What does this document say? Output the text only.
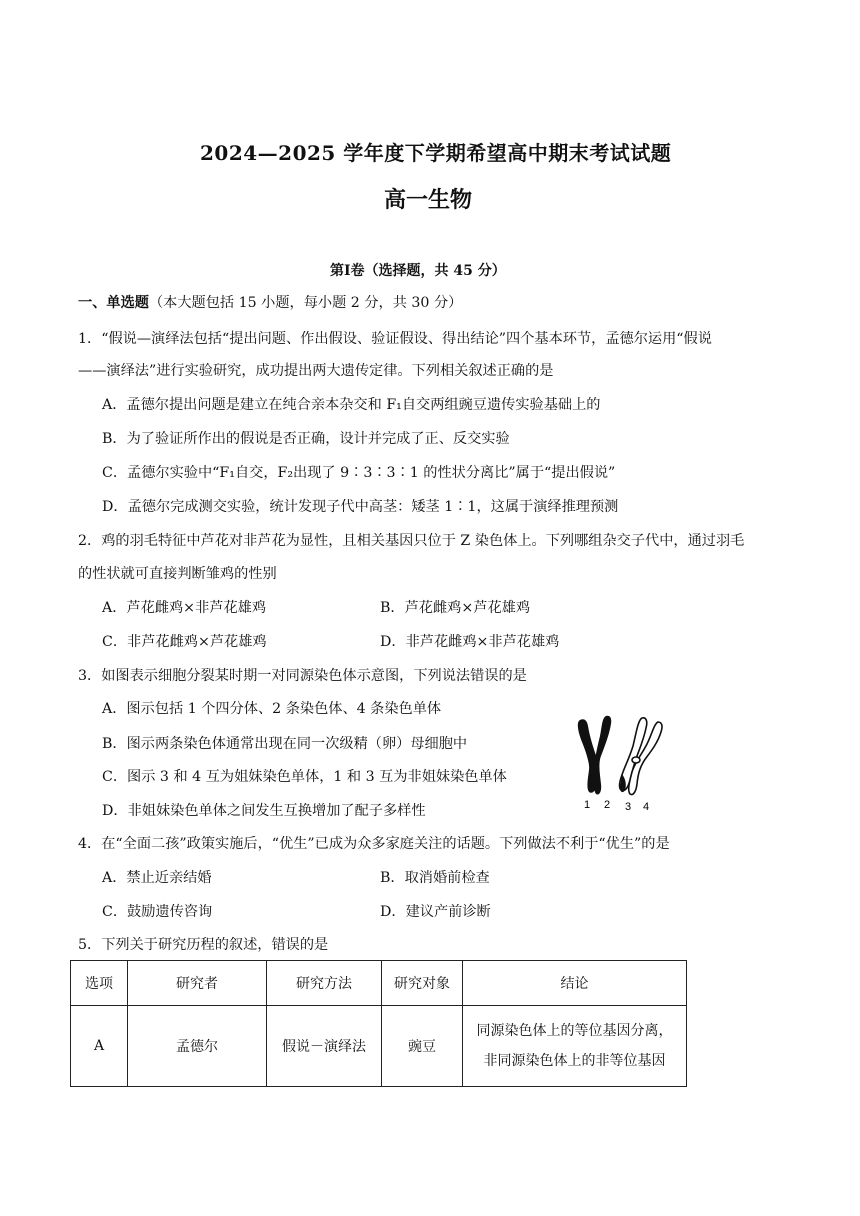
2024—2025 学年度下学期希望高中期末考试试题
高一生物
第Ⅰ卷（选择题，共 45 分）
一、单选题（本大题包括 15 小题，每小题 2 分，共 30 分）
1．“假说—演绎法包括“提出问题、作出假设、验证假设、得出结论”四个基本环节，孟德尔运用“假说
——演绎法”进行实验研究，成功提出两大遗传定律。下列相关叙述正确的是
A．孟德尔提出问题是建立在纯合亲本杂交和 F₁自交两组豌豆遗传实验基础上的
B．为了验证所作出的假说是否正确，设计并完成了正、反交实验
C．孟德尔实验中“F₁自交，F₂出现了 9∶3∶3∶1 的性状分离比”属于“提出假说”
D．孟德尔完成测交实验，统计发现子代中高茎：矮茎 1∶1，这属于演绎推理预测
2．鸡的羽毛特征中芦花对非芦花为显性，且相关基因只位于 Z 染色体上。下列哪组杂交子代中，通过羽毛
的性状就可直接判断雏鸡的性别
A．芦花雌鸡×非芦花雄鸡	B．芦花雌鸡×芦花雄鸡
C．非芦花雌鸡×芦花雄鸡	D．非芦花雌鸡×非芦花雄鸡
3．如图表示细胞分裂某时期一对同源染色体示意图，下列说法错误的是
A．图示包括 1 个四分体、2 条染色体、4 条染色单体
B．图示两条染色体通常出现在同一次级精（卵）母细胞中
C．图示 3 和 4 互为姐妹染色单体，1 和 3 互为非姐妹染色单体
D．非姐妹染色单体之间发生互换增加了配子多样性	1 2 3 4
4．在“全面二孩”政策实施后，“优生”已成为众多家庭关注的话题。下列做法不利于“优生”的是
A．禁止近亲结婚	B．取消婚前检查
C．鼓励遗传咨询	D．建议产前诊断
5．下列关于研究历程的叙述，错误的是
选项	研究者	研究方法	研究对象	结论
A	孟德尔	假说－演绎法	豌豆	同源染色体上的等位基因分离，
非同源染色体上的非等位基因
